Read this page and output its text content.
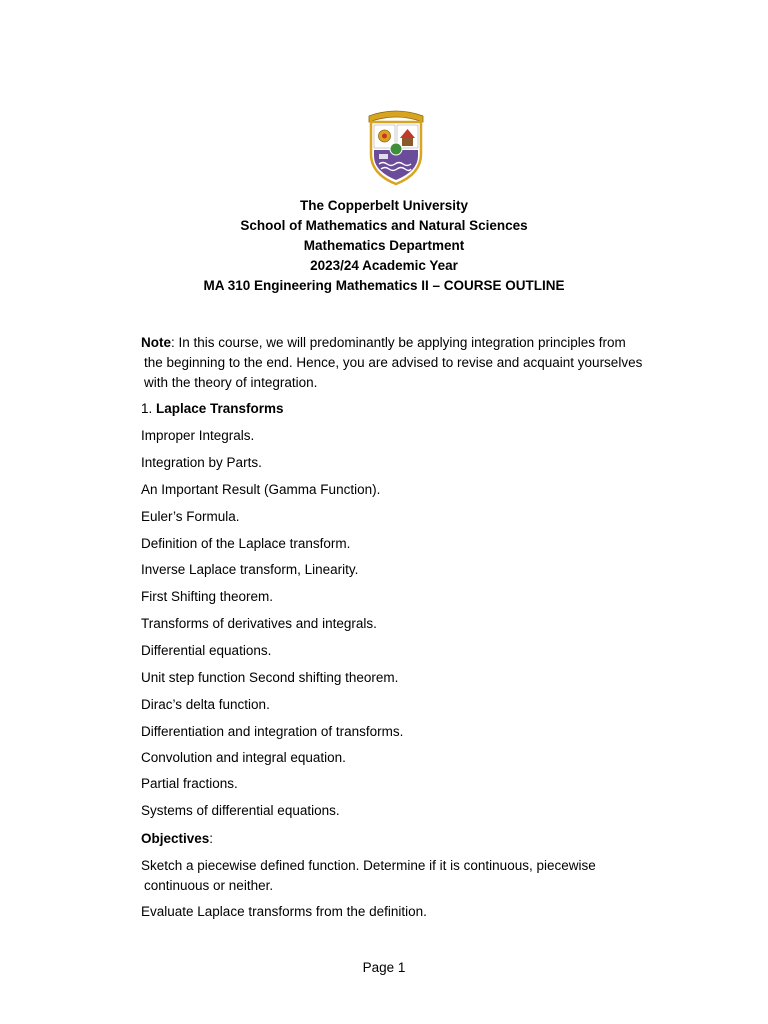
The Copperbelt University
School of Mathematics and Natural Sciences
Mathematics Department
2023/24 Academic Year
MA 310 Engineering Mathematics II – COURSE OUTLINE
Note: In this course, we will predominantly be applying integration principles from
the beginning to the end. Hence, you are advised to revise and acquaint yourselves
with the theory of integration.
1. Laplace Transforms
Improper Integrals.
Integration by Parts.
An Important Result (Gamma Function).
Euler’s Formula.
Definition of the Laplace transform.
Inverse Laplace transform, Linearity.
First Shifting theorem.
Transforms of derivatives and integrals.
Differential equations.
Unit step function Second shifting theorem.
Dirac’s delta function.
Differentiation and integration of transforms.
Convolution and integral equation.
Partial fractions.
Systems of differential equations.
Objectives:
Sketch a piecewise defined function. Determine if it is continuous, piecewise
continuous or neither.
Evaluate Laplace transforms from the definition.
Page 1
